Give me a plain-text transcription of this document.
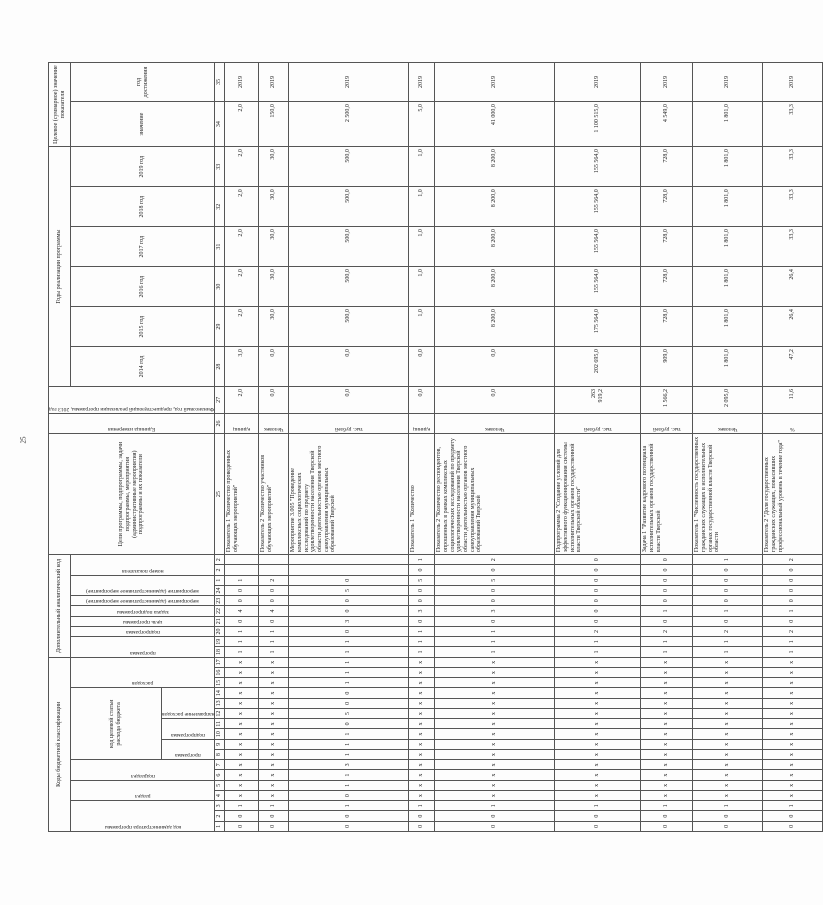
25
Коды бюджетной классификации																	Дополнительный аналитический код										Цели программы, подпрограммы, задачи подпрограммы, мероприятия (административные мероприятия) подпрограммы и их показатели	Единица измерения	Финансовый год, предшествующий реализации программы, 2013 год	Годы реализации программы						Целевое (суммарное) значение показателя	

код администратора программы			раздел		подраздел		код целевой статьи расхода бюджета							расходов			программа		подпрограмма	цель программы	задача подпрограммы	мероприятие (административное мероприятие)	мероприятие (административное мероприятие)		номер показателя					2014 год	2015 год	2016 год	2017 год	2018 год	2019 год	значение	год достижения

							программа		подпрограмма		направление расходов																										

1	2	3	4	5	6	7	8	9	10	11	12	13	14	15	16	17	18	19	20	21	22	23	24	1	2	2	25	26	27	28	29	30	31	32	33	34	35
0	0	1	х	х	х	х	х	х	х	х	х	х	х	х	х	х	1	1	1	0	4	0	0	1			Показатель 1 "Количество проведенных обучающих мероприятий"	единиц	2,0	3,0	2,0	2,0	2,0	2,0	2,0	2,0	2019
0	0	1	х	х	х	х	х	х	х	х	х	х	х	х	х	х	1	1	1	0	4	0	0	2			Показатель 2 "Количество участников обучающих мероприятий"	Человек	0,0	0,0	30,0	30,0	30,0	30,0	30,0	150,0	2019
0	0	1	0	1	1	3	1	1	1	0	5	0	0	1	1	1	1	1	0	3	0	0	5	0			Мероприятие 3.005 "Проведение комплексных социологических исследований по предмету удовлетворенности населения Тверской области деятельностью органов местного самоуправления муниципальных образований Тверской	тыс. рублей	0,0	0,0	500,0	500,0	500,0	500,0	500,0	2 500,0	2019
0	0	1	х	х	х	х	х	х	х	х	х	х	х	х	х	х	1	1	1	0	3	0	0	5	0	1	Показатель 1 "Количество	единиц	0,0	0,0	1,0	1,0	1,0	1,0	1,0	5,0	2019
0	0	1	х	х	х	х	х	х	х	х	х	х	х	х	х	х	1	1	1	0	3	0	0	5	0	2	Показатель 2 "Количество респондентов, опрошенных в рамках комплексных социологических исследований по предмету удовлетворенности населения Тверской области деятельностью органов местного самоуправления муниципальных образований Тверской	Человек	0,0	0,0	8 200,0	8 200,0	8 200,0	8 200,0	8 200,0	41 000,0	2019
0	0	1	х	х	х	х	х	х	х	х	х	х	х	х	х	х	1	1	2	0	0	0	0	0	0	0	Подпрограмма 2 "Создание условий для эффективного функционирования системы исполнительных органов государственной власти Тверской области"	тыс. рублей	263 919,2	202 695,0	175 564,0	155 564,0	155 564,0	155 564,0	155 564,0	1 100 515,0	2019
0	0	1	х	х	х	х	х	х	х	х	х	х	х	х	х	х	1	1	2	0	1	0	0	0	0	0	Задача 1 "Развитие кадрового потенциала исполнительных органов государственной власти Тверской	тыс. рублей	1 566,2	909,0	728,0	728,0	728,0	728,0	728,0	4 549,0	2019
0	0	1	х	х	х	х	х	х	х	х	х	х	х	х	х	х	1	1	2	0	1	0	0	0	0	1	Показатель 1 "Численность государственных гражданских служащих в исполнительных органах государственной власти Тверской области	Человек	2 095,0	1 801,0	1 801,0	1 801,0	1 801,0	1 801,0	1 801,0	1 801,0	2019
0	0	1	х	х	х	х	х	х	х	х	х	х	х	х	х	х	1	1	2	0	1	0	0	0	0	2	Показатель 2 "Доля государственных гражданских служащих, повысивших профессиональный уровень в течение года"	%	11,6	47,2	26,4	26,4	33,3	33,3	33,3	33,3	2019
